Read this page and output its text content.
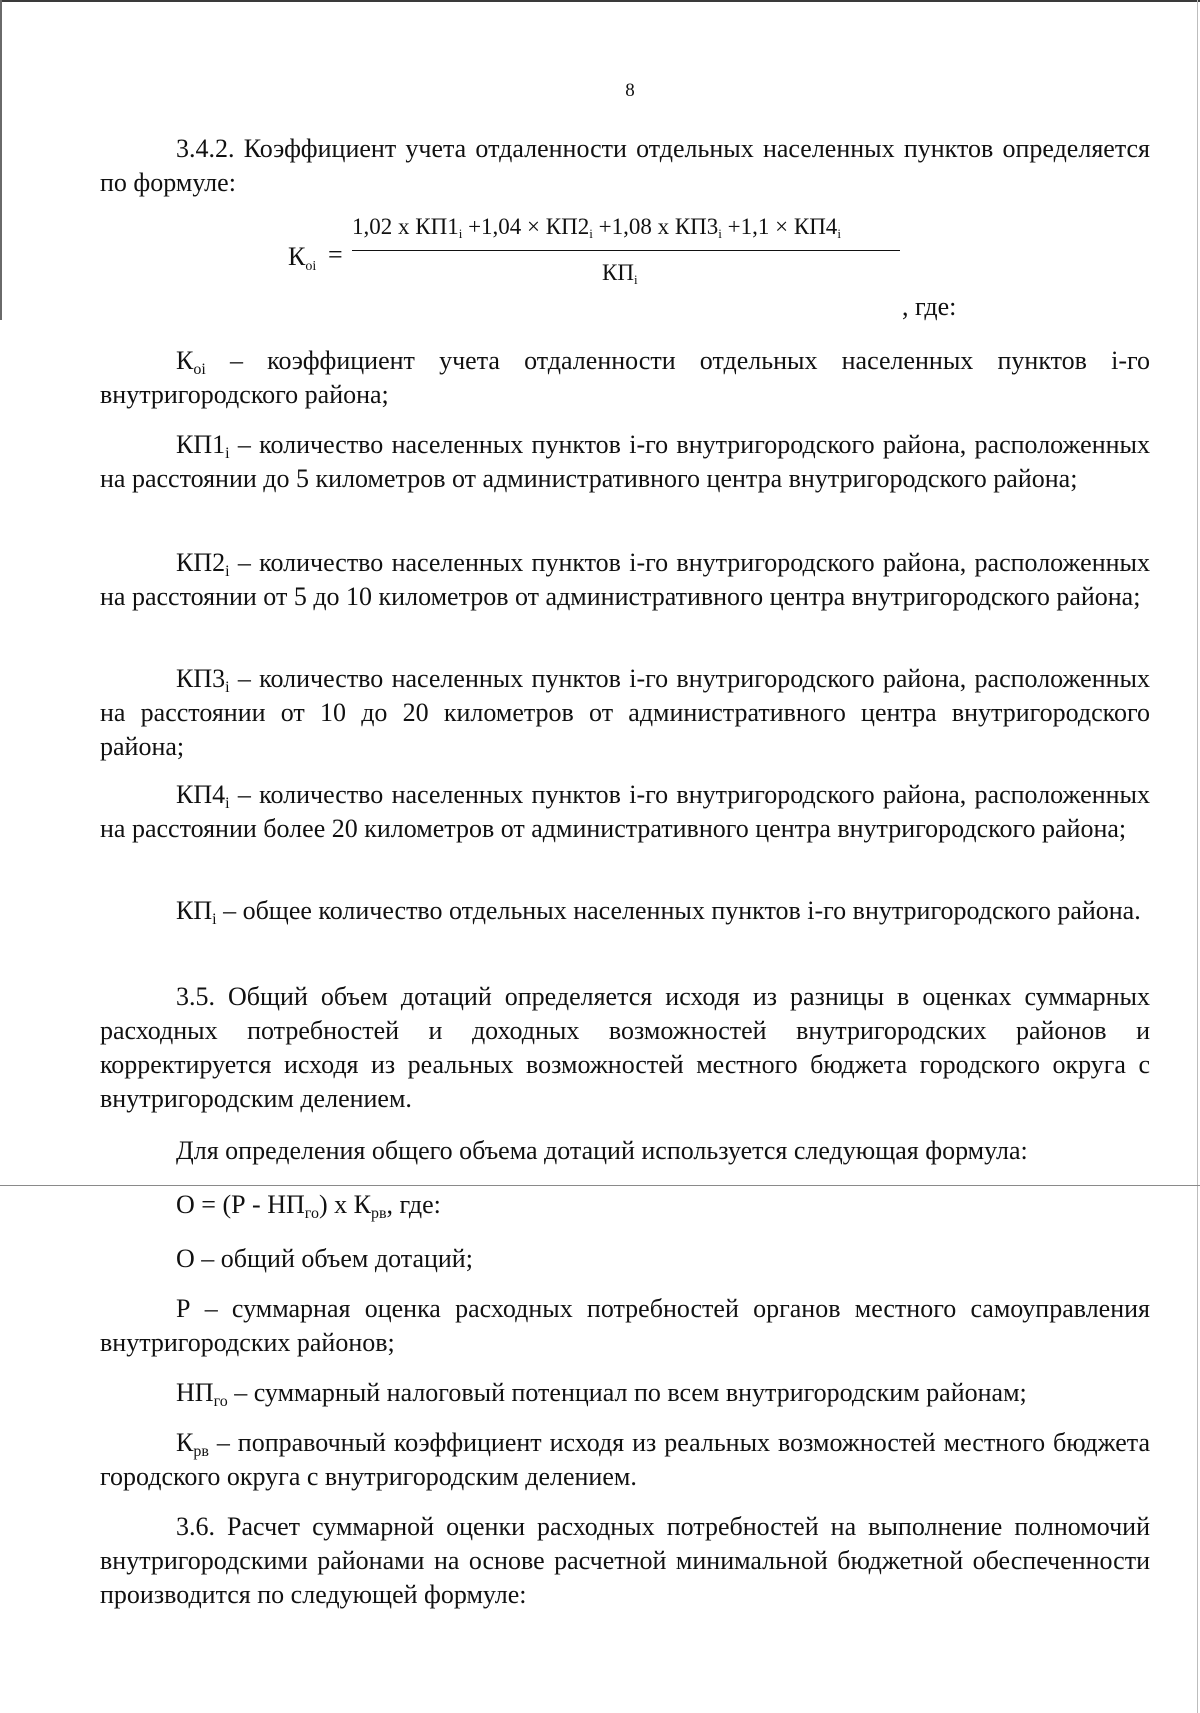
8

3.4.2. Коэффициент учета отдаленности отдельных населенных пунктов определяется по формуле:

$К_{oi}$ =
1,02 x $КП1_i +1,04 \times КП2_i +1,08$ x $КП3_i +1,1 \times КП4_i$
$КП_i$
, где:

$К_{oi}$ – коэффициент учета отдаленности отдельных населенных пунктов i-го внутригородского района;

$КП1_i$ – количество населенных пунктов i-го внутригородского района, расположенных на расстоянии до 5 километров от административного центра внутригородского района;

$КП2_i$ – количество населенных пунктов i-го внутригородского района, расположенных на расстоянии от 5 до 10 километров от административного центра внутригородского района;

$КП3_i$ – количество населенных пунктов i-го внутригородского района, расположенных на расстоянии от 10 до 20 километров от административного центра внутригородского района;

$КП4_i$ – количество населенных пунктов i-го внутригородского района, расположенных на расстоянии более 20 километров от административного центра внутригородского района;

$КП_i$ – общее количество отдельных населенных пунктов i-го внутригородского района.

3.5. Общий объем дотаций определяется исходя из разницы в оценках суммарных расходных потребностей и доходных возможностей внутригородских районов и корректируется исходя из реальных возможностей местного бюджета городского округа с внутригородским делением.

Для определения общего объема дотаций используется следующая формула:

$О = (Р - НП_{го})$ x $К_{рв}$, где:

О – общий объем дотаций;

Р – суммарная оценка расходных потребностей органов местного самоуправления внутригородских районов;

$НП_{го}$ – суммарный налоговый потенциал по всем внутригородским районам;

$К_{рв}$ – поправочный коэффициент исходя из реальных возможностей местного бюджета городского округа с внутригородским делением.

3.6. Расчет суммарной оценки расходных потребностей на выполнение полномочий внутригородскими районами на основе расчетной минимальной бюджетной обеспеченности производится по следующей формуле:
